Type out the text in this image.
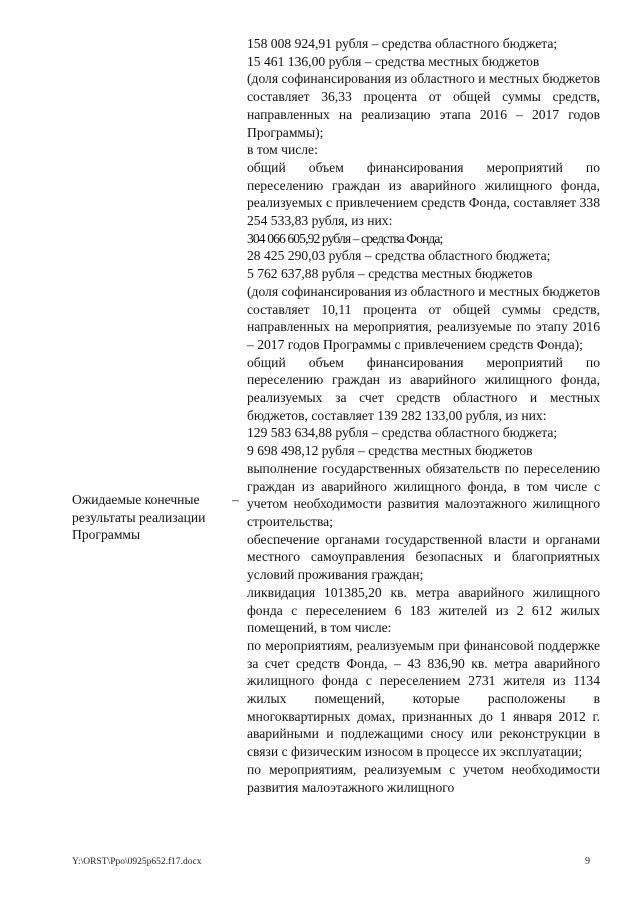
158 008 924,91 рубля – средства областного бюджета;

15 461 136,00 рубля – средства местных бюджетов

(доля софинансирования из областного и местных бюджетов составляет 36,33 процента от общей суммы средств, направленных на реализацию этапа 2016 – 2017 годов Программы);

в том числе:

общий объем финансирования мероприятий по переселению граждан из аварийного жилищного фонда, реализуемых с привлечением средств Фонда, составляет 338 254 533,83 рубля, из них:

304 066 605,92 рубля – средства Фонда;

28 425 290,03 рубля – средства областного бюджета;

5 762 637,88 рубля – средства местных бюджетов

(доля софинансирования из областного и местных бюджетов составляет 10,11 процента от общей суммы средств, направленных на мероприятия, реализуемые по этапу 2016 – 2017 годов Программы с привлечением средств Фонда);

общий объем финансирования мероприятий по переселению граждан из аварийного жилищного фонда, реализуемых за счет средств областного и местных бюджетов, составляет 139 282 133,00 рубля, из них:

129 583 634,88 рубля – средства областного бюджета;

9 698 498,12 рубля – средства местных бюджетов

выполнение государственных обязательств по переселению граждан из аварийного жилищного фонда, в том числе с учетом необходимости развития малоэтажного жилищного строительства;

обеспечение органами государственной власти и органами местного самоуправления безопасных и благоприятных условий проживания граждан;

ликвидация 101385,20 кв. метра аварийного жилищного фонда с переселением 6 183 жителей из 2 612 жилых помещений, в том числе:

по мероприятиям, реализуемым при финансовой поддержке за счет средств Фонда, – 43 836,90 кв. метра аварийного жилищного фонда с переселением 2731 жителя из 1134 жилых помещений, которые расположены в многоквартирных домах, признанных до 1 января 2012 г. аварийными и подлежащими сносу или реконструкции в связи с физическим износом в процессе их эксплуатации;

по мероприятиям, реализуемым с учетом необходимости развития малоэтажного жилищного

Ожидаемые конечные результаты реализации Программы
–
Y:\ORST\Ppo\0925p652.f17.docx	9
